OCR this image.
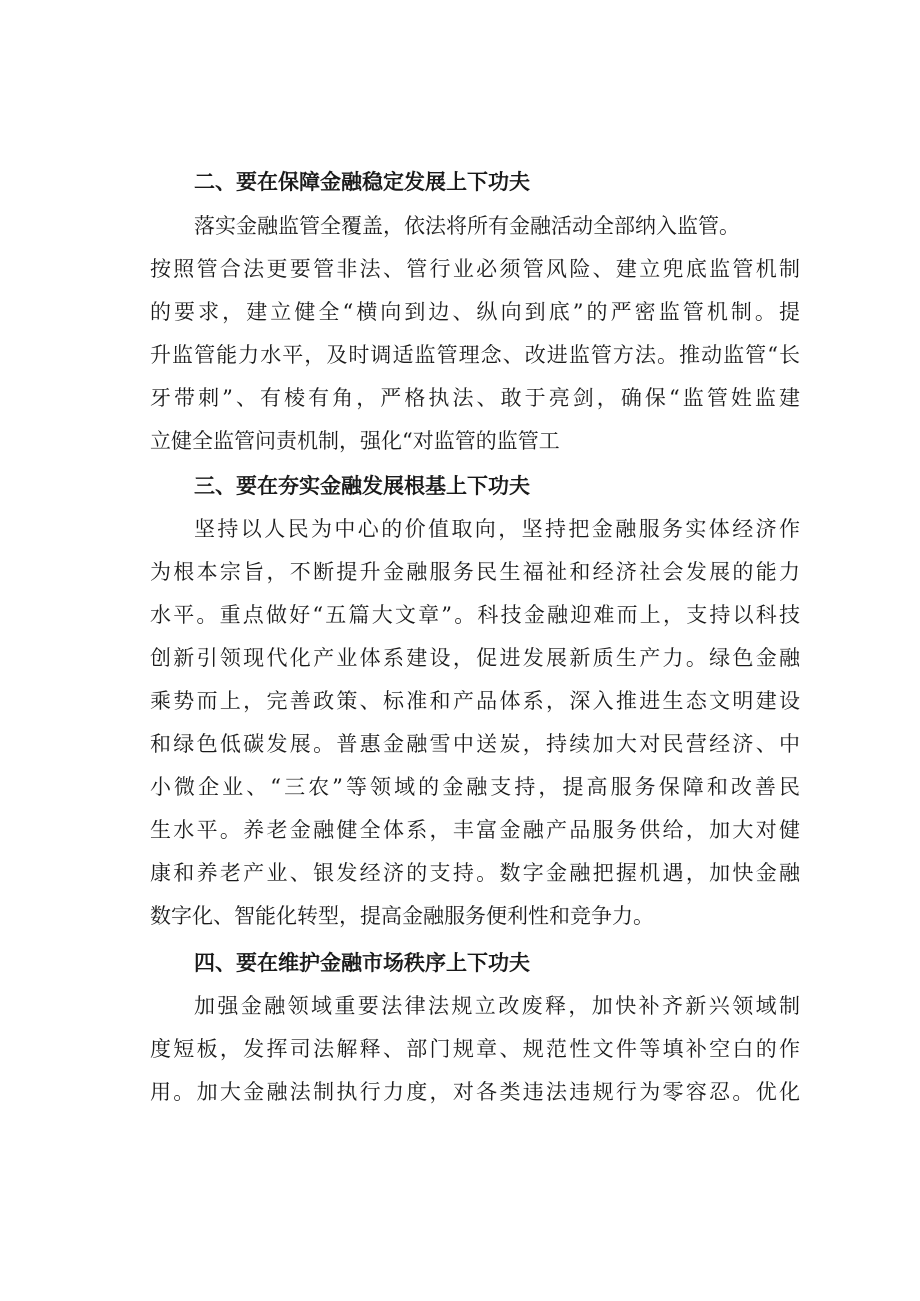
二、要在保障金融稳定发展上下功夫
落实金融监管全覆盖，依法将所有金融活动全部纳入监管。
按照管合法更要管非法、管行业必须管风险、建立兜底监管机制
的要求，建立健全“横向到边、纵向到底”的严密监管机制。提
升监管能力水平，及时调适监管理念、改进监管方法。推动监管“长
牙带刺”、有棱有角，严格执法、敢于亮剑，确保“监管姓监建
立健全监管问责机制，强化“对监管的监管工
三、要在夯实金融发展根基上下功夫
坚持以人民为中心的价值取向，坚持把金融服务实体经济作
为根本宗旨，不断提升金融服务民生福祉和经济社会发展的能力
水平。重点做好“五篇大文章”。科技金融迎难而上，支持以科技
创新引领现代化产业体系建设，促进发展新质生产力。绿色金融
乘势而上，完善政策、标准和产品体系，深入推进生态文明建设
和绿色低碳发展。普惠金融雪中送炭，持续加大对民营经济、中
小微企业、“三农”等领域的金融支持，提高服务保障和改善民
生水平。养老金融健全体系，丰富金融产品服务供给，加大对健
康和养老产业、银发经济的支持。数字金融把握机遇，加快金融
数字化、智能化转型，提高金融服务便利性和竞争力。
四、要在维护金融市场秩序上下功夫
加强金融领域重要法律法规立改废释，加快补齐新兴领域制
度短板，发挥司法解释、部门规章、规范性文件等填补空白的作
用。加大金融法制执行力度，对各类违法违规行为零容忍。优化
